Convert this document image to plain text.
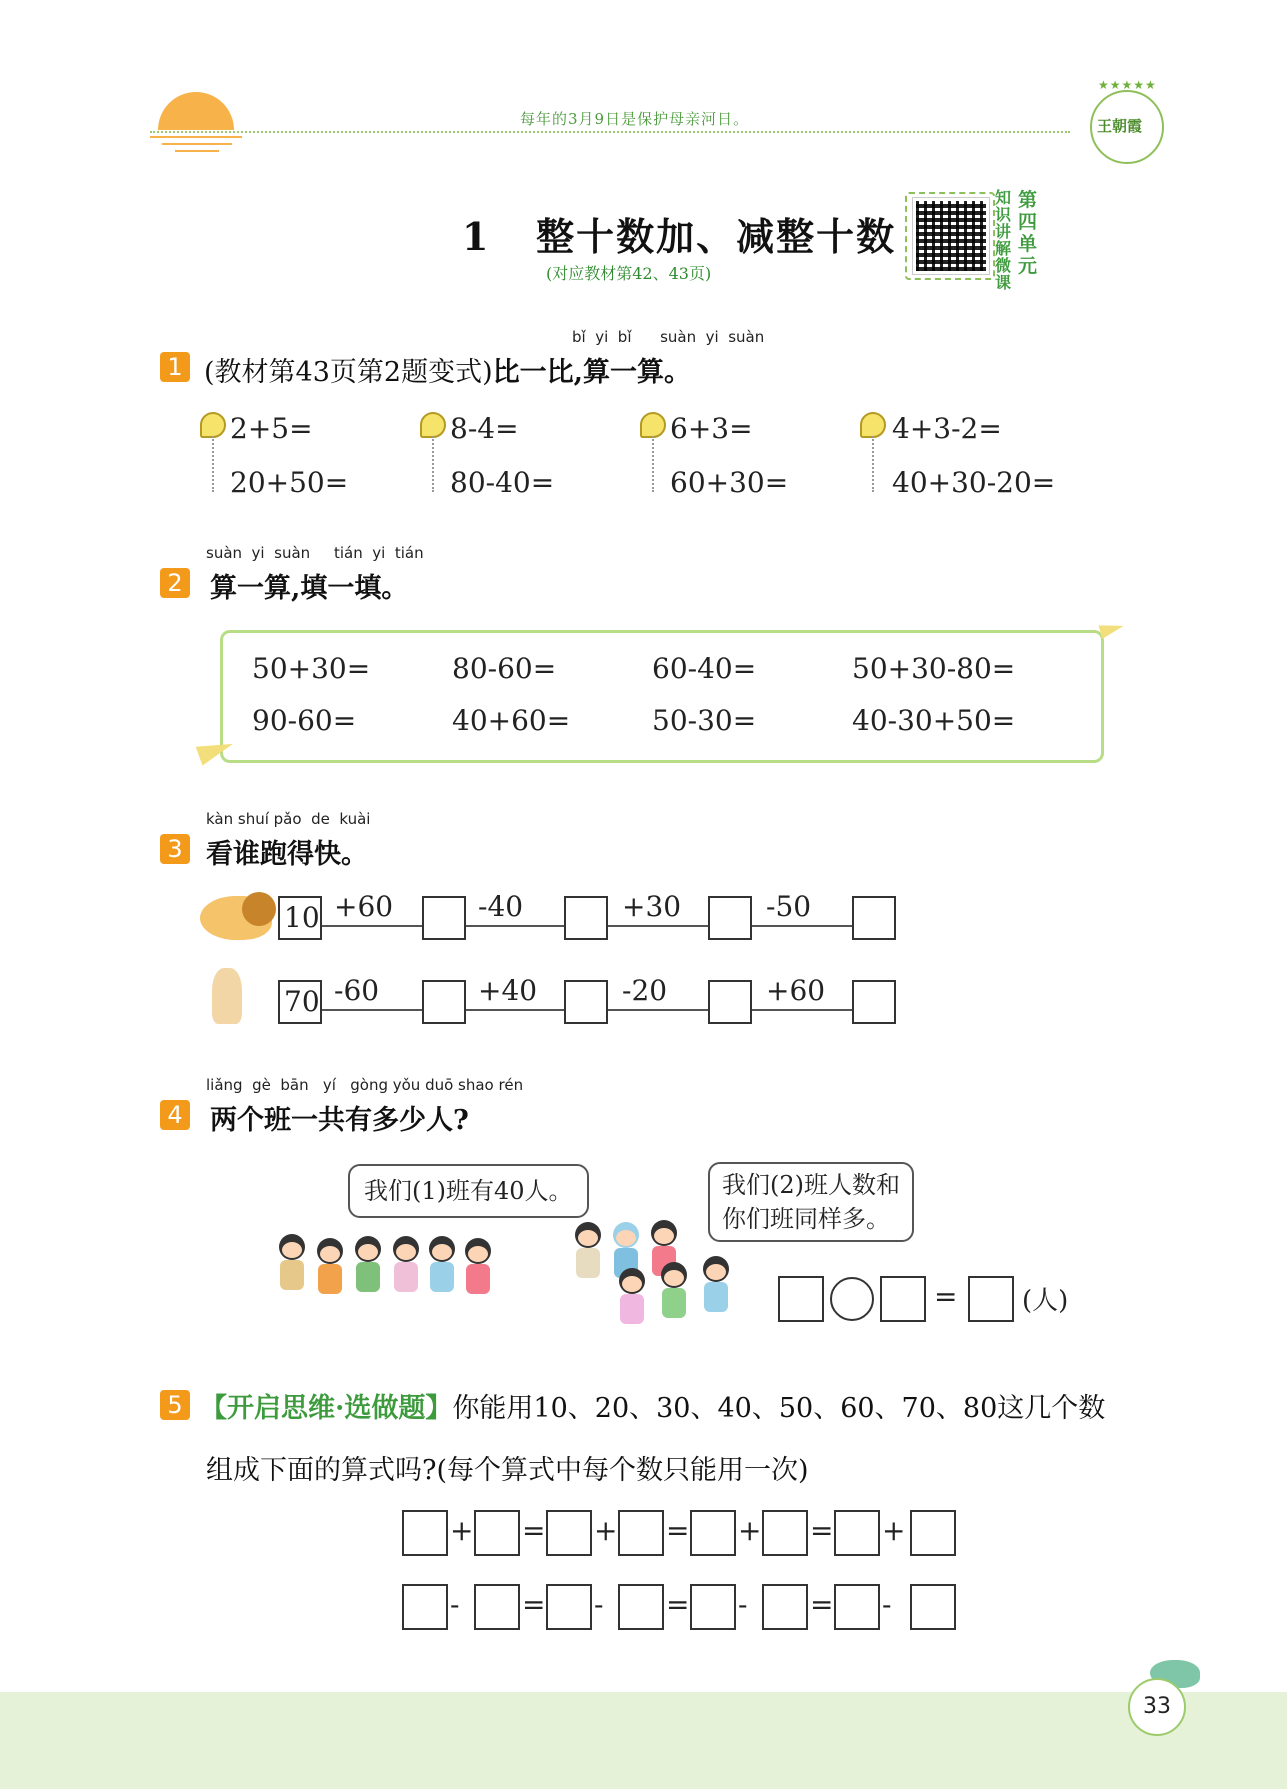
每年的3月9日是保护母亲河日。
★★★★★
王朝霞
1 整十数加、减整十数
(对应教材第42、43页)
知识讲解微课
第四单元
bǐ  yi  bǐ      suàn  yi  suàn
1 (教材第43页第2题变式)比一比,算一算。
2+5=
20+50=
8-4=
80-40=
6+3=
60+30=
4+3-2=
40+30-20=
suàn  yi  suàn     tián  yi  tián
2 算一算,填一填。
50+30=	80-60=	60-40=	50+30-80=
90-60=	40+60=	50-30=	40-30+50=
kàn shuí pǎo  de  kuài
3 看谁跑得快。
10 +60	-40	+30	-50
70 -60	+40	-20	+60
liǎng  gè  bān   yí   gòng yǒu duō shao rén
4 两个班一共有多少人?
我们(1)班有40人。	我们(2)班人数和
你们班同样多。
= (人)
5 【开启思维·选做题】你能用10、20、30、40、50、60、70、80这几个数
组成下面的算式吗?(每个算式中每个数只能用一次)
+ = + = + = +
- = - = - = -
33
